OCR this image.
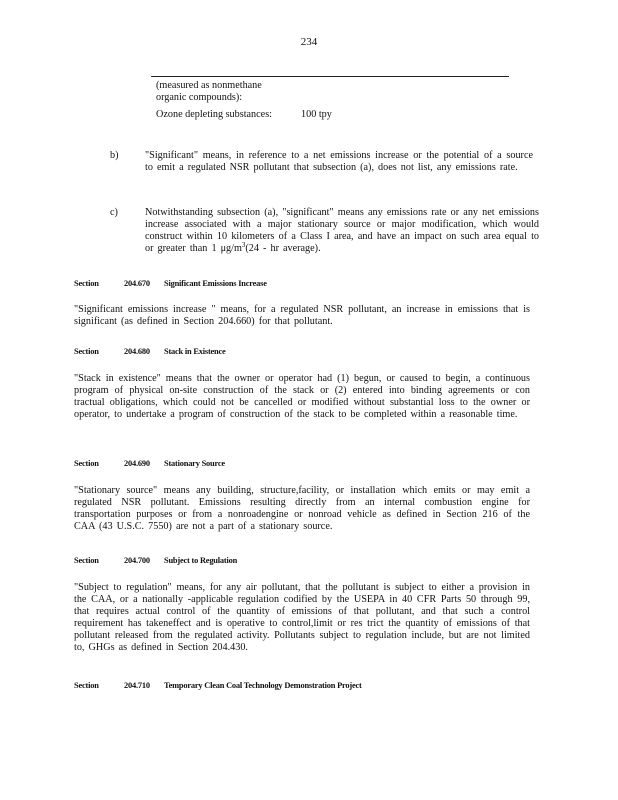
234
(measured as nonmethane organic compounds):
Ozone depleting substances:	100 tpy
b)	"Significant" means, in reference to a net emissions increase or the potential of a source to emit a regulated NSR pollutant that subsection (a), does not list, any emissions rate.
c)	Notwithstanding subsection (a), "significant" means any emissions rate or any net emissions increase associated with a major stationary source or major modification, which would construct within 10 kilometers of a Class I area, and have an impact on such area equal to or greater than 1 $\mu g/m^3(24$ - hr average).
Section	204.670 Significant Emissions Increase
"Significant emissions increase " means, for a regulated NSR pollutant, an increase in emissions that is significant (as defined in Section 204.660) for that pollutant.
Section	204.680 Stack in Existence
"Stack in existence" means that the owner or operator had (1) begun, or caused to begin, a continuous program of physical on-site construction of the stack or (2) entered into binding agreements or con tractual obligations, which could not be cancelled or modified without substantial loss to the owner or operator, to undertake a program of construction of the stack to be completed within a reasonable time.
Section	204.690 Stationary Source
"Stationary source" means any building, structure,facility, or installation which emits or may emit a regulated NSR pollutant. Emissions resulting directly from an internal combustion engine for transportation purposes or from a nonroadengine or nonroad vehicle as defined in Section 216 of the CAA (43 U.S.C. 7550) are not a part of a stationary source.
Section	204.700 Subject to Regulation
"Subject to regulation" means, for any air pollutant, that the pollutant is subject to either a provision in the CAA, or a nationally -applicable regulation codified by the USEPA in 40 CFR Parts 50 through 99, that requires actual control of the quantity of emissions of that pollutant, and that such a control requirement has takeneffect and is operative to control,limit or res trict the quantity of emissions of that pollutant released from the regulated activity. Pollutants subject to regulation include, but are not limited to, GHGs as defined in Section 204.430.
Section	204.710 Temporary Clean Coal Technology Demonstration Project
